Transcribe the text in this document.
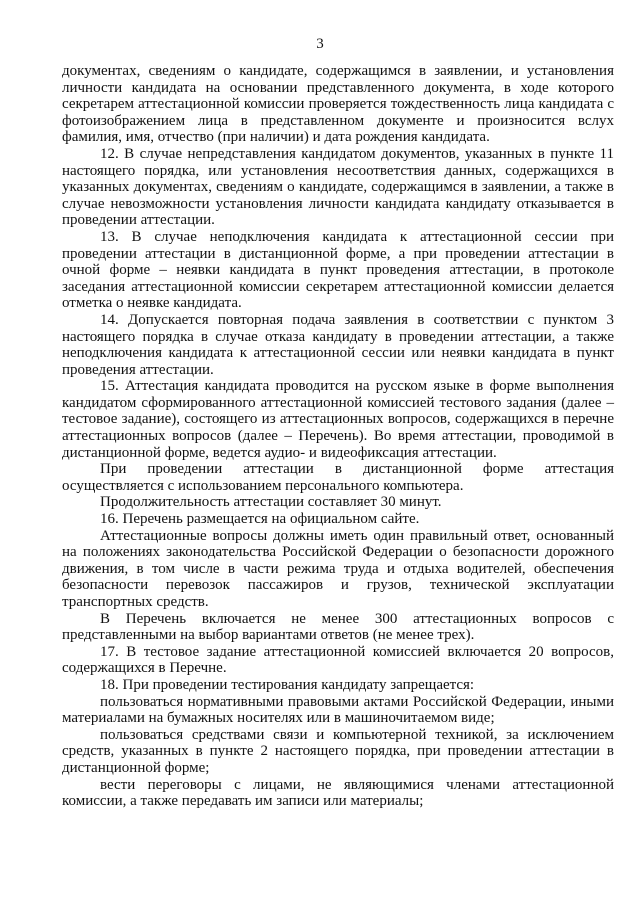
3

документах, сведениям о кандидате, содержащимся в заявлении, и установления личности кандидата на основании представленного документа, в ходе которого секретарем аттестационной комиссии проверяется тождественность лица кандидата с фотоизображением лица в представленном документе и произносится вслух фамилия, имя, отчество (при наличии) и дата рождения кандидата.

12. В случае непредставления кандидатом документов, указанных в пункте 11 настоящего порядка, или установления несоответствия данных, содержащихся в указанных документах, сведениям о кандидате, содержащимся в заявлении, а также в случае невозможности установления личности кандидата кандидату отказывается в проведении аттестации.

13. В случае неподключения кандидата к аттестационной сессии при проведении аттестации в дистанционной форме, а при проведении аттестации в очной форме – неявки кандидата в пункт проведения аттестации, в протоколе заседания аттестационной комиссии секретарем аттестационной комиссии делается отметка о неявке кандидата.

14. Допускается повторная подача заявления в соответствии с пунктом 3 настоящего порядка в случае отказа кандидату в проведении аттестации, а также неподключения кандидата к аттестационной сессии или неявки кандидата в пункт проведения аттестации.

15. Аттестация кандидата проводится на русском языке в форме выполнения кандидатом сформированного аттестационной комиссией тестового задания (далее – тестовое задание), состоящего из аттестационных вопросов, содержащихся в перечне аттестационных вопросов (далее – Перечень). Во время аттестации, проводимой в дистанционной форме, ведется аудио- и видеофиксация аттестации.

При проведении аттестации в дистанционной форме аттестация осуществляется с использованием персонального компьютера.

Продолжительность аттестации составляет 30 минут.

16. Перечень размещается на официальном сайте.

Аттестационные вопросы должны иметь один правильный ответ, основанный на положениях законодательства Российской Федерации о безопасности дорожного движения, в том числе в части режима труда и отдыха водителей, обеспечения безопасности перевозок пассажиров и грузов, технической эксплуатации транспортных средств.

В Перечень включается не менее 300 аттестационных вопросов с представленными на выбор вариантами ответов (не менее трех).

17. В тестовое задание аттестационной комиссией включается 20 вопросов, содержащихся в Перечне.

18. При проведении тестирования кандидату запрещается:

пользоваться нормативными правовыми актами Российской Федерации, иными материалами на бумажных носителях или в машиночитаемом виде;

пользоваться средствами связи и компьютерной техникой, за исключением средств, указанных в пункте 2 настоящего порядка, при проведении аттестации в дистанционной форме;

вести переговоры с лицами, не являющимися членами аттестационной комиссии, а также передавать им записи или материалы;
